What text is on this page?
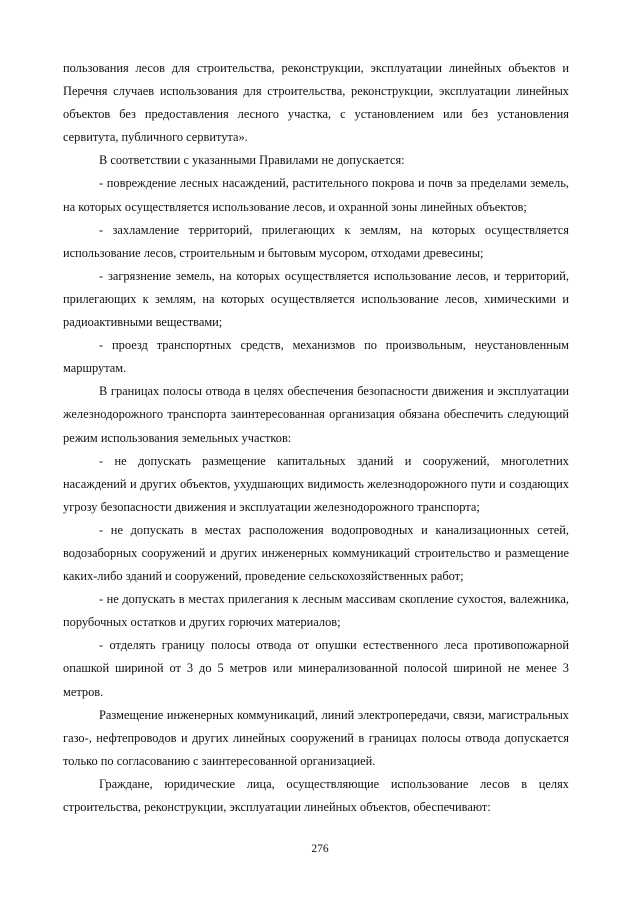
пользования лесов для строительства, реконструкции, эксплуатации линейных объектов и Перечня случаев использования для строительства, реконструкции, эксплуатации линейных объектов без предоставления лесного участка, с установлением или без установления сервитута, публичного сервитута».

В соответствии с указанными Правилами не допускается:

- повреждение лесных насаждений, растительного покрова и почв за пределами земель, на которых осуществляется использование лесов, и охранной зоны линейных объектов;

- захламление территорий, прилегающих к землям, на которых осуществляется использование лесов, строительным и бытовым мусором, отходами древесины;

- загрязнение земель, на которых осуществляется использование лесов, и территорий, прилегающих к землям, на которых осуществляется использование лесов, химическими и радиоактивными веществами;

- проезд транспортных средств, механизмов по произвольным, неустановленным маршрутам.

В границах полосы отвода в целях обеспечения безопасности движения и эксплуатации железнодорожного транспорта заинтересованная организация обязана обеспечить следующий режим использования земельных участков:

- не допускать размещение капитальных зданий и сооружений, многолетних насаждений и других объектов, ухудшающих видимость железнодорожного пути и создающих угрозу безопасности движения и эксплуатации железнодорожного транспорта;

- не допускать в местах расположения водопроводных и канализационных сетей, водозаборных сооружений и других инженерных коммуникаций строительство и размещение каких-либо зданий и сооружений, проведение сельскохозяйственных работ;

- не допускать в местах прилегания к лесным массивам скопление сухостоя, валежника, порубочных остатков и других горючих материалов;

- отделять границу полосы отвода от опушки естественного леса противопожарной опашкой шириной от 3 до 5 метров или минерализованной полосой шириной не менее 3 метров.

Размещение инженерных коммуникаций, линий электропередачи, связи, магистральных газо-, нефтепроводов и других линейных сооружений в границах полосы отвода допускается только по согласованию с заинтересованной организацией.

Граждане, юридические лица, осуществляющие использование лесов в целях строительства, реконструкции, эксплуатации линейных объектов, обеспечивают:

276
